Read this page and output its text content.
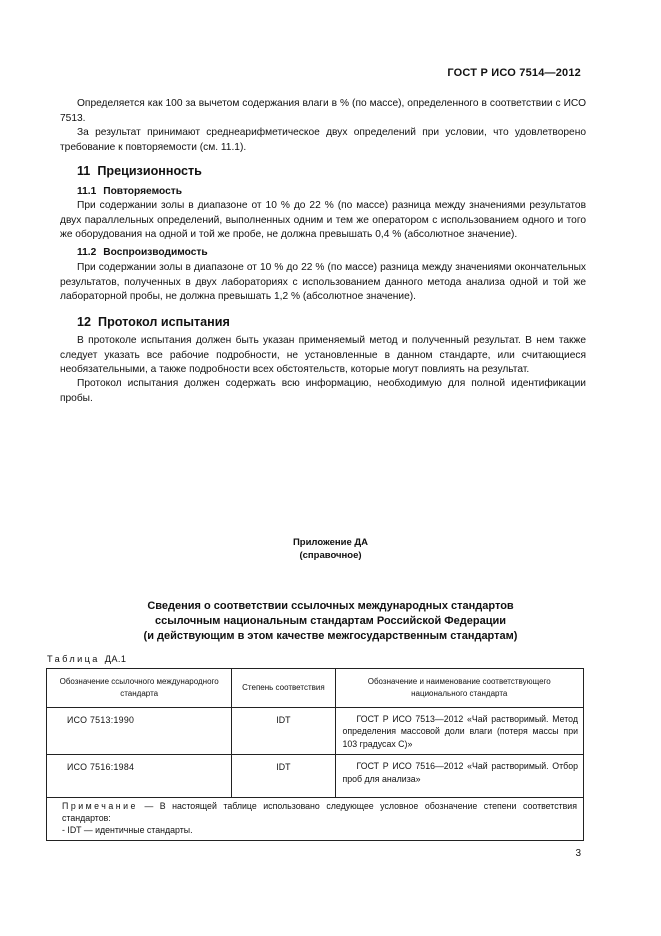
ГОСТ Р ИСО 7514—2012

Определяется как 100 за вычетом содержания влаги в % (по массе), определенного в соответствии с ИСО 7513.

За результат принимают среднеарифметическое двух определений при условии, что удовлетворено требование к повторяемости (см. 11.1).

11 Прецизионность
11.1 Повторяемость

При содержании золы в диапазоне от 10 % до 22 % (по массе) разница между значениями результатов двух параллельных определений, выполненных одним и тем же оператором с использованием одного и того же оборудования на одной и той же пробе, не должна превышать 0,4 % (абсолютное значение).

11.2 Воспроизводимость

При содержании золы в диапазоне от 10 % до 22 % (по массе) разница между значениями окончательных результатов, полученных в двух лабораториях с использованием данного метода анализа одной и той же лабораторной пробы, не должна превышать 1,2 % (абсолютное значение).

12 Протокол испытания

В протоколе испытания должен быть указан применяемый метод и полученный результат. В нем также следует указать все рабочие подробности, не установленные в данном стандарте, или считающиеся необязательными, а также подробности всех обстоятельств, которые могут повлиять на результат.

Протокол испытания должен содержать всю информацию, необходимую для полной идентификации пробы.

Приложение ДА
(справочное)
Сведения о соответствии ссылочных международных стандартов
ссылочным национальным стандартам Российской Федерации
(и действующим в этом качестве межгосударственным стандартам)
Таблица ДА.1
Обозначение ссылочного международного стандарта	Степень соответствия	Обозначение и наименование соответствующего национального стандарта
ИСО 7513:1990	IDT	ГОСТ Р ИСО 7513—2012 «Чай растворимый. Метод определения массовой доли влаги (потеря массы при 103 градусах С)»
ИСО 7516:1984	IDT	ГОСТ Р ИСО 7516—2012 «Чай растворимый. Отбор проб для анализа»

Примечание — В настоящей таблице использовано следующее условное обозначение степени соответствия стандартов:
- IDT — идентичные стандарты.		
3
